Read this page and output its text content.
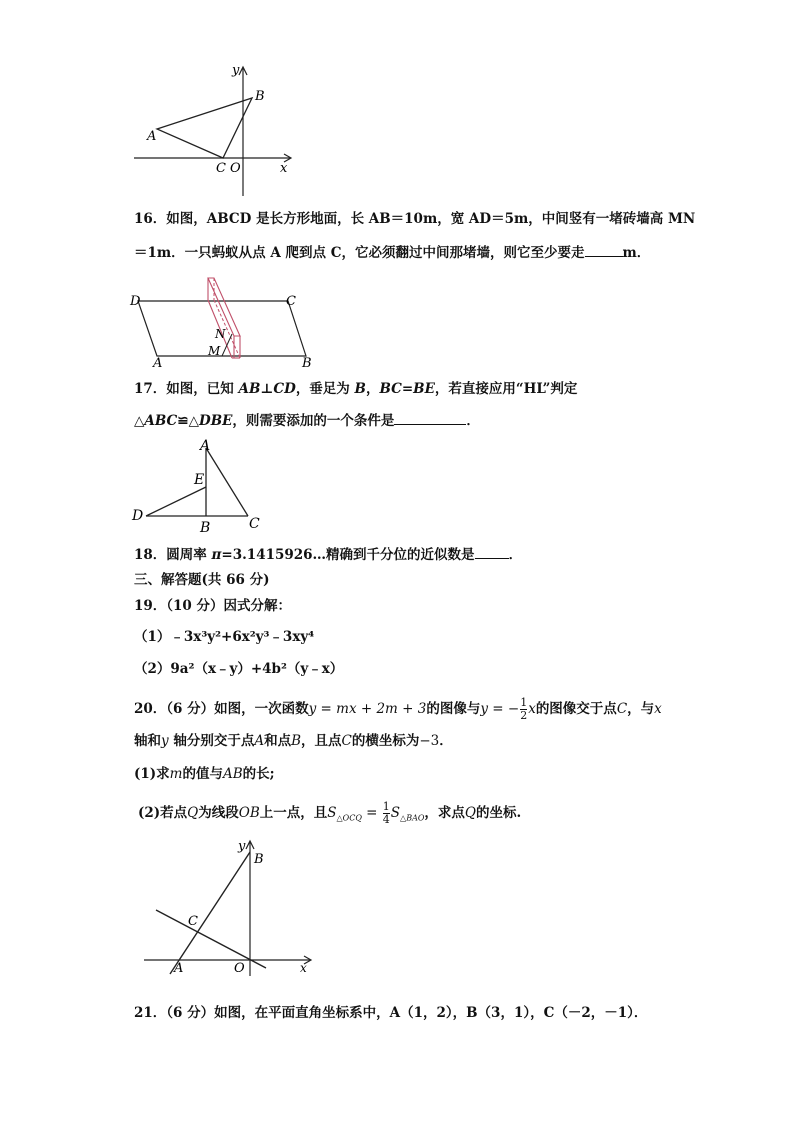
y
x
A
B
C O
16．如图，ABCD 是长方形地面，长 AB＝10m，宽 AD＝5m，中间竖有一堵砖墙高 MN
＝1m．一只蚂蚁从点 A 爬到点 C，它必须翻过中间那堵墙，则它至少要走	m．
D	C
A	B
N
M
17．如图，已知 AB⊥CD，垂足为 B，BC=BE，若直接应用“HL”判定
△ABC≌△DBE，则需要添加的一个条件是	．
A
E
D
B	C
18．圆周率 π=3.1415926…精确到千分位的近似数是	．
三、解答题(共 66 分)
19．（10 分）因式分解：
（1）﹣3x³y²+6x²y³﹣3xy⁴
（2）9a²（x﹣y）+4b²（y﹣x）
20．（6 分）如图，一次函数y = mx + 2m + 3的图像与y = − $\frac{1}{2}$ x的图像交于点C，与x
轴和y 轴分别交于点A和点B，且点C的横坐标为−3．
(1)求m的值与AB的长;
(2)若点Q为线段OB上一点，且$S_{\triangle OCQ} = \frac{1}{4} S_{\triangle BAO}$，求点Q的坐标.
y
B
C
A	O	x
21．（6 分）如图，在平面直角坐标系中，A（1，2），B（3，1），C（－2，－1）．
